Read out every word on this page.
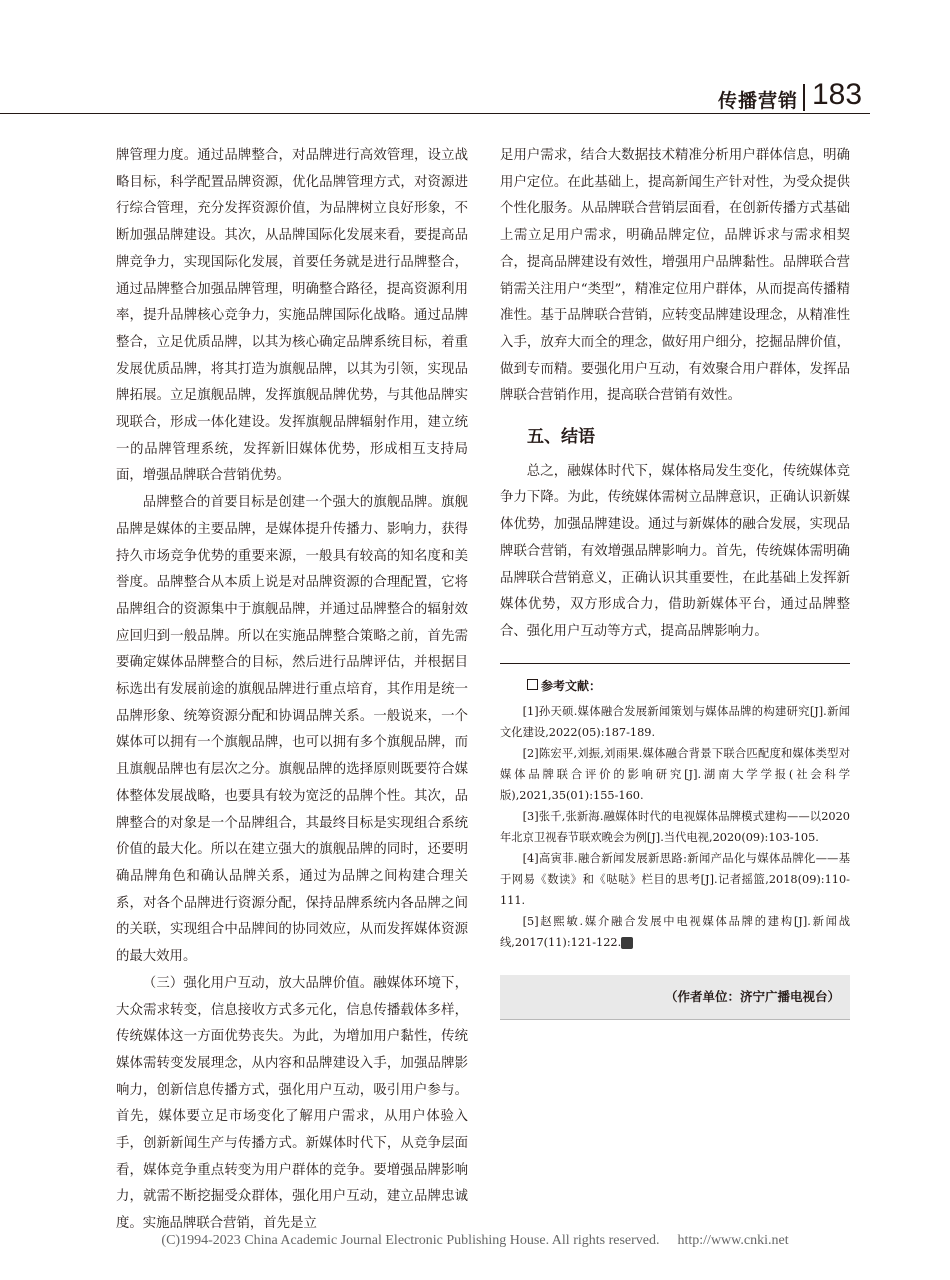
传播营销 183

牌管理力度。通过品牌整合，对品牌进行高效管理，设立战略目标，科学配置品牌资源，优化品牌管理方式，对资源进行综合管理，充分发挥资源价值，为品牌树立良好形象，不断加强品牌建设。其次，从品牌国际化发展来看，要提高品牌竞争力，实现国际化发展，首要任务就是进行品牌整合，通过品牌整合加强品牌管理，明确整合路径，提高资源利用率，提升品牌核心竞争力，实施品牌国际化战略。通过品牌整合，立足优质品牌，以其为核心确定品牌系统目标，着重发展优质品牌，将其打造为旗舰品牌，以其为引领，实现品牌拓展。立足旗舰品牌，发挥旗舰品牌优势，与其他品牌实现联合，形成一体化建设。发挥旗舰品牌辐射作用，建立统一的品牌管理系统，发挥新旧媒体优势，形成相互支持局面，增强品牌联合营销优势。

品牌整合的首要目标是创建一个强大的旗舰品牌。旗舰品牌是媒体的主要品牌，是媒体提升传播力、影响力，获得持久市场竞争优势的重要来源，一般具有较高的知名度和美誉度。品牌整合从本质上说是对品牌资源的合理配置，它将品牌组合的资源集中于旗舰品牌，并通过品牌整合的辐射效应回归到一般品牌。所以在实施品牌整合策略之前，首先需要确定媒体品牌整合的目标，然后进行品牌评估，并根据目标选出有发展前途的旗舰品牌进行重点培育，其作用是统一品牌形象、统筹资源分配和协调品牌关系。一般说来，一个媒体可以拥有一个旗舰品牌，也可以拥有多个旗舰品牌，而且旗舰品牌也有层次之分。旗舰品牌的选择原则既要符合媒体整体发展战略，也要具有较为宽泛的品牌个性。其次，品牌整合的对象是一个品牌组合，其最终目标是实现组合系统价值的最大化。所以在建立强大的旗舰品牌的同时，还要明确品牌角色和确认品牌关系，通过为品牌之间构建合理关系，对各个品牌进行资源分配，保持品牌系统内各品牌之间的关联，实现组合中品牌间的协同效应，从而发挥媒体资源的最大效用。

（三）强化用户互动，放大品牌价值。融媒体环境下，大众需求转变，信息接收方式多元化，信息传播载体多样，传统媒体这一方面优势丧失。为此，为增加用户黏性，传统媒体需转变发展理念，从内容和品牌建设入手，加强品牌影响力，创新信息传播方式，强化用户互动，吸引用户参与。首先，媒体要立足市场变化了解用户需求，从用户体验入手，创新新闻生产与传播方式。新媒体时代下，从竞争层面看，媒体竞争重点转变为用户群体的竞争。要增强品牌影响力，就需不断挖掘受众群体，强化用户互动，建立品牌忠诚度。实施品牌联合营销，首先是立

足用户需求，结合大数据技术精准分析用户群体信息，明确用户定位。在此基础上，提高新闻生产针对性，为受众提供个性化服务。从品牌联合营销层面看，在创新传播方式基础上需立足用户需求，明确品牌定位，品牌诉求与需求相契合，提高品牌建设有效性，增强用户品牌黏性。品牌联合营销需关注用户“类型”，精准定位用户群体，从而提高传播精准性。基于品牌联合营销，应转变品牌建设理念，从精准性入手，放弃大而全的理念，做好用户细分，挖掘品牌价值，做到专而精。要强化用户互动，有效聚合用户群体，发挥品牌联合营销作用，提高联合营销有效性。

五、结语

总之，融媒体时代下，媒体格局发生变化，传统媒体竞争力下降。为此，传统媒体需树立品牌意识，正确认识新媒体优势，加强品牌建设。通过与新媒体的融合发展，实现品牌联合营销，有效增强品牌影响力。首先，传统媒体需明确品牌联合营销意义，正确认识其重要性，在此基础上发挥新媒体优势，双方形成合力，借助新媒体平台，通过品牌整合、强化用户互动等方式，提高品牌影响力。

参考文献：

[1]孙天硕.媒体融合发展新闻策划与媒体品牌的构建研究[J].新闻文化建设,2022(05):187-189.

[2]陈宏平,刘振,刘雨果.媒体融合背景下联合匹配度和媒体类型对媒体品牌联合评价的影响研究[J].湖南大学学报(社会科学版),2021,35(01):155-160.

[3]张千,张新海.融媒体时代的电视媒体品牌模式建构——以2020年北京卫视春节联欢晚会为例[J].当代电视,2020(09):103-105.

[4]高寅菲.融合新闻发展新思路:新闻产品化与媒体品牌化——基于网易《数读》和《哒哒》栏目的思考[J].记者摇篮,2018(09):110-111.

[5]赵熙敏.媒介融合发展中电视媒体品牌的建构[J].新闻战线,2017(11):121-122.	C

（作者单位：济宁广播电视台）
(C)1994-2023 China Academic Journal Electronic Publishing House. All rights reserved. http://www.cnki.net
